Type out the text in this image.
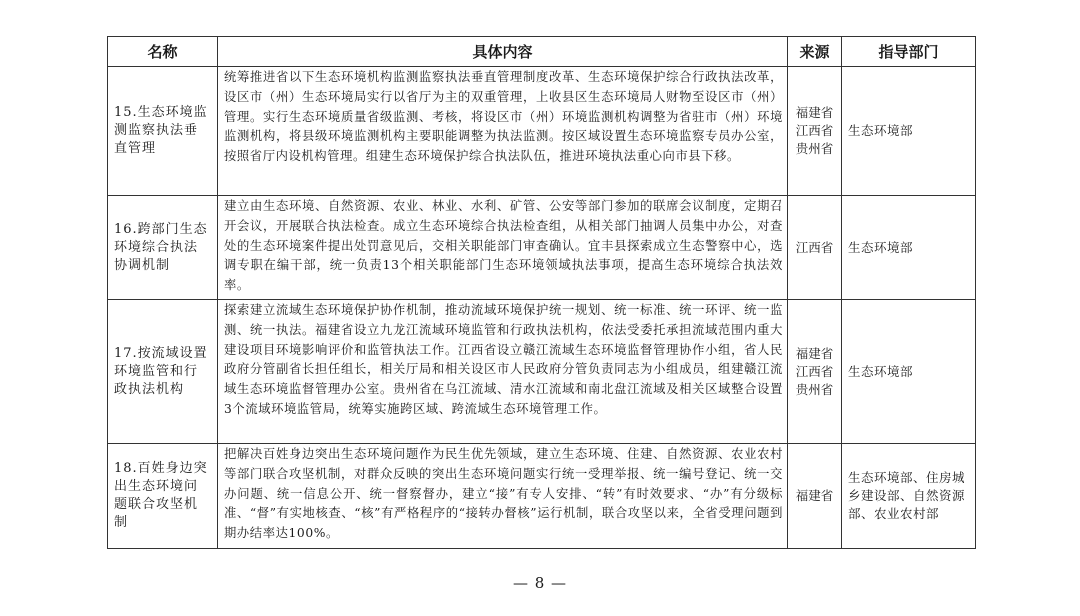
名称	具体内容	来源	指导部门
15.生态环境监测监察执法垂直管理	统筹推进省以下生态环境机构监测监察执法垂直管理制度改革、生态环境保护综合行政执法改革，设区市（州）生态环境局实行以省厅为主的双重管理，上收县区生态环境局人财物至设区市（州）管理。实行生态环境质量省级监测、考核，将设区市（州）环境监测机构调整为省驻市（州）环境监测机构，将县级环境监测机构主要职能调整为执法监测。按区域设置生态环境监察专员办公室，按照省厅内设机构管理。组建生态环境保护综合执法队伍，推进环境执法重心向市县下移。	福建省江西省贵州省	生态环境部
16.跨部门生态环境综合执法协调机制	建立由生态环境、自然资源、农业、林业、水利、矿管、公安等部门参加的联席会议制度，定期召开会议，开展联合执法检查。成立生态环境综合执法检查组，从相关部门抽调人员集中办公，对查处的生态环境案件提出处罚意见后，交相关职能部门审查确认。宜丰县探索成立生态警察中心，选调专职在编干部，统一负责13个相关职能部门生态环境领域执法事项，提高生态环境综合执法效率。	江西省	生态环境部
17.按流域设置环境监管和行政执法机构	探索建立流域生态环境保护协作机制，推动流域环境保护统一规划、统一标准、统一环评、统一监测、统一执法。福建省设立九龙江流域环境监管和行政执法机构，依法受委托承担流域范围内重大建设项目环境影响评价和监管执法工作。江西省设立赣江流域生态环境监督管理协作小组，省人民政府分管副省长担任组长，相关厅局和相关设区市人民政府分管负责同志为小组成员，组建赣江流域生态环境监督管理办公室。贵州省在乌江流域、清水江流域和南北盘江流域及相关区域整合设置3个流域环境监管局，统筹实施跨区域、跨流域生态环境管理工作。	福建省江西省贵州省	生态环境部
18.百姓身边突出生态环境问题联合攻坚机制	把解决百姓身边突出生态环境问题作为民生优先领域，建立生态环境、住建、自然资源、农业农村等部门联合攻坚机制，对群众反映的突出生态环境问题实行统一受理举报、统一编号登记、统一交办问题、统一信息公开、统一督察督办，建立“接”有专人安排、“转”有时效要求、“办”有分级标准、“督”有实地核查、“核”有严格程序的“接转办督核”运行机制，联合攻坚以来，全省受理问题到期办结率达100%。	福建省	生态环境部、住房城乡建设部、自然资源部、农业农村部
— 8 —
